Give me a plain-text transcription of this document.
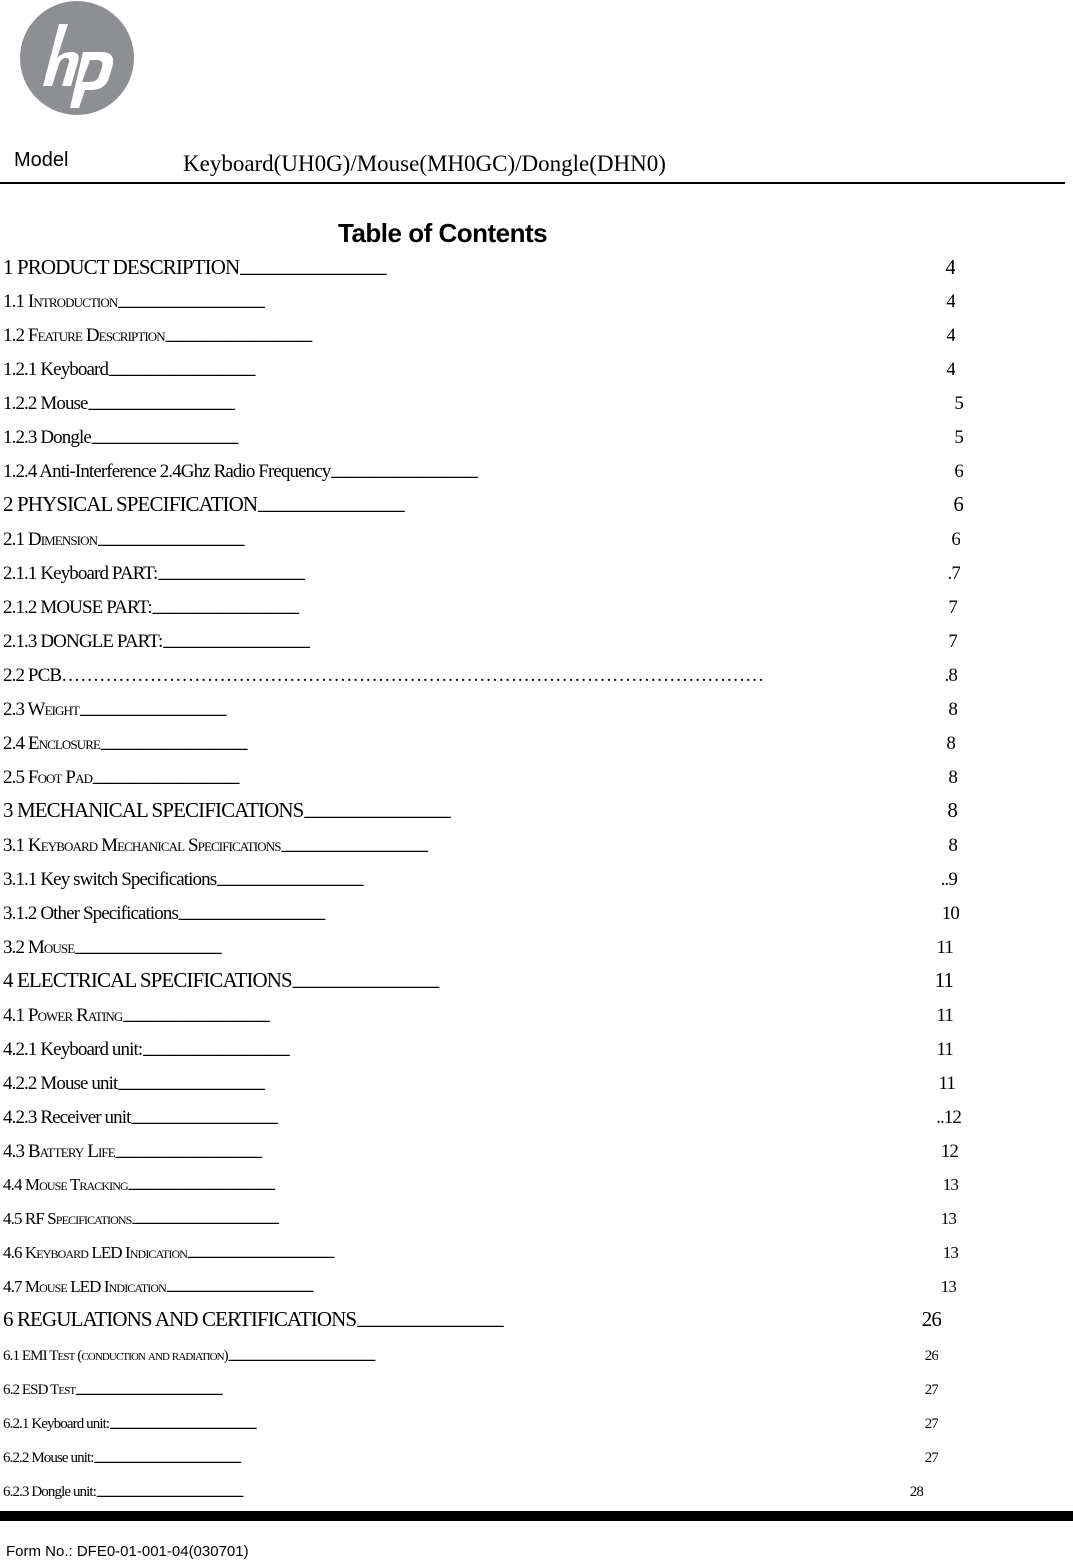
Model	Keyboard(UH0G)/Mouse(MH0GC)/Dongle(DHN0)
Table of Contents
1 PRODUCT DESCRIPTION . . .	4
1.1 Introduction . . .	4
1.2 Feature Description . . .	4
1.2.1 Keyboard . . .	4
1.2.2 Mouse . . .	5
1.2.3 Dongle . . .	5
1.2.4 Anti-Interference 2.4Ghz Radio Frequency . . .	6
2 PHYSICAL SPECIFICATION . . .	6
2.1 Dimension . . .	6
2.1.1 Keyboard PART: . . .	.7
2.1.2 MOUSE PART: . . .	7
2.1.3 DONGLE PART: . . .	7
2.2 PCB …………………………………………………………………………………………………	.8
2.3 Weight . . .	8
2.4 Enclosure . . .	8
2.5 Foot Pad . . .	8
3 MECHANICAL SPECIFICATIONS . . .	8
3.1 Keyboard Mechanical Specifications . . .	8
3.1.1 Key switch Specifications . . .	..9
3.1.2 Other Specifications . . .	10
3.2 Mouse . . .	11
4 ELECTRICAL SPECIFICATIONS . . .	11
4.1 Power Rating . . .	11
4.2.1 Keyboard unit: . . .	11
4.2.2 Mouse unit . . .	11
4.2.3 Receiver unit . . .	..12
4.3 Battery Life . . .	12
4.4 Mouse Tracking . . .	13
4.5 RF Specifications . . .	13
4.6 Keyboard LED Indication . . .	13
4.7 Mouse LED Indication . . .	13
6 REGULATIONS AND CERTIFICATIONS . . .	26
6.1 EMI Test (conduction and radiation) . . .	26
6.2 ESD Test . . .	27
6.2.1 Keyboard unit: . . .	27
6.2.2 Mouse unit: . . .	27
6.2.3 Dongle unit: . . .	28
Form No.: DFE0-01-001-04(030701)
